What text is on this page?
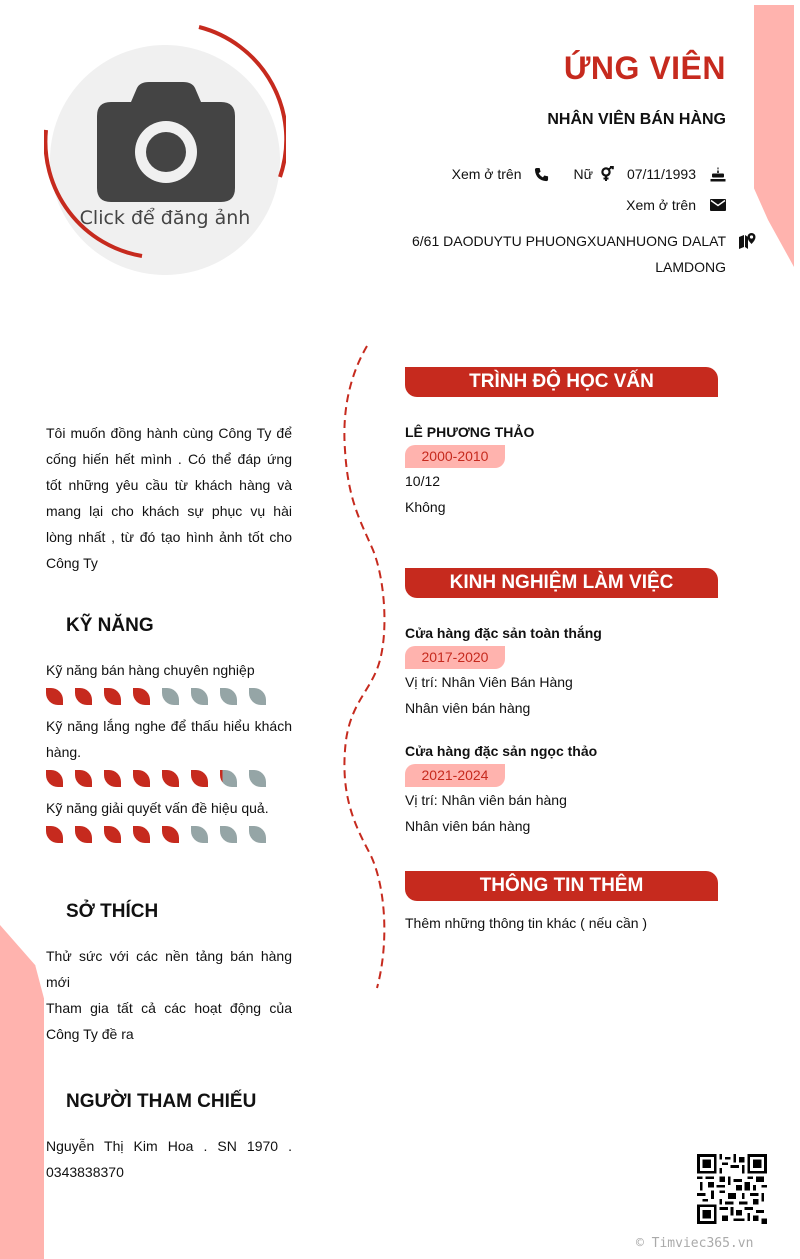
Click để đăng ảnh
ỨNG VIÊN
NHÂN VIÊN BÁN HÀNG
Xem ở trên	Nữ 07/11/1993
Xem ở trên
6/61 DAODUYTU PHUONGXUANHUONG DALAT LAMDONG
Tôi muốn đồng hành cùng Công Ty để cống hiến hết mình . Có thể đáp ứng tốt những yêu cầu từ khách hàng và mang lại cho khách sự phục vụ hài lòng nhất , từ đó tạo hình ảnh tốt cho Công Ty
KỸ NĂNG
Kỹ năng bán hàng chuyên nghiệp
Kỹ năng lắng nghe để thấu hiểu khách hàng.
Kỹ năng giải quyết vấn đề hiệu quả.
SỞ THÍCH
Thử sức với các nền tảng bán hàng mới
Tham gia tất cả các hoạt động của Công Ty đề ra
NGƯỜI THAM CHIẾU
Nguyễn Thị Kim Hoa . SN 1970 . 0343838370
TRÌNH ĐỘ HỌC VẤN
LÊ PHƯƠNG THẢO
2000-2010
10/12
Không
KINH NGHIỆM LÀM VIỆC
Cửa hàng đặc sản toàn thắng
2017-2020
Vị trí: Nhân Viên Bán Hàng
Nhân viên bán hàng
Cửa hàng đặc sản ngọc thảo
2021-2024
Vị trí: Nhân viên bán hàng
Nhân viên bán hàng
THÔNG TIN THÊM
Thêm những thông tin khác ( nếu cần )
© Timviec365.vn
